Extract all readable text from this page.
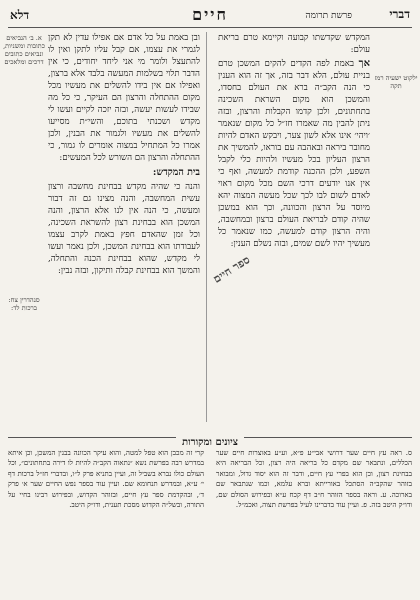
דברי
פרשת תרומה
חיים
דלא
ילקוט ישעיה רמז תקה
א. ב׳ הנביאים כתובות ומשניות, ונביאים כתובים דרכים ומלאכים
סנהדרין צח: ברכות לד:

המקדש שקדשתו קבועה וקיימא טרם בריאת עולם:

אך באמת לפה הקדים להקים המשכן טרם בניית עולם, הלא דבר בזה, אך זה הוא הענין כי הנה הקב״ה ברא את העולם בחסדו, והמשכן הוא מקום השראת השכינה בתחתונים, ולכן קדמו הקבלות והרצון, ובזה ניתן להבין מה שאמרו חז״ל כל מקום שנאמר ׳ויהי׳ אינו אלא לשון צער, ויבקש האדם להיות מחובר ביראה ובאהבה עם בוראו, להמשיך את הרצון העליון בכל מעשיו ולהיות כלי לקבל השפע, ולכן ההכנה קודמת למעשה, ואף כי אין אנו יודעים דרכי השם מכל מקום ראוי לאדם לשום לבו לכך שכל מעשה המצוה יהא מיוסד על הרצון והכוונה, וכך הוא במשכן שהיה קודם לבריאת העולם ברצון ובמחשבה, והיה הרצון קודם למעשה, כמו שנאמר כל מעשיך יהיו לשם שמים, ובזה נשלם הענין:

ובן באמת על כל אדם אם אפילו עדין לא תקן לגמרי את עצמו, אם קבל עליו לתקן ואין לו להתעצל ולומר מי אני ליחד יחודים, כי אין הדבר תלוי בשלמות המעשה בלבד אלא ברצון, ואפילו אם אין בידו להשלים את מעשיו מכל מקום ההתחלה והרצון הם העיקר, כי כל מה שבידו לעשות יעשה, ובזה יזכה לקיים ועשו לי מקדש ושכנתי בתוכם, והשי״ת מסייעו להשלים את מעשיו ולגמור את הבנין, ולכן אמרו כל המתחיל במצוה אומרים לו גמור, כי ההתחלה והרצון הם השורש לכל המעשים:

בית המקדש:

והנה כי שהיה מקדש בבחינת מחשבה ורצון עשית המחשבה, והנה מצינו גם זה דבור ומעשה, כי הנה אין לנו אלא הרצון, והנה המשכן הוא בבחינת רצון להשראת השכינה, וכל זמן שהאדם חפץ באמת לקרב עצמו לעבודתו הוא בבחינת המשכן, ולכן נאמר ועשו לי מקדש, שהוא בבחינת הכנה והתחלה, והמשך הוא בבחינת קבלה ותיקון, ובזה נבין: ספר חיים
ציונים ומקורות

ס. ראה עץ חיים שער דרושי אבי״ע פ״א, וע״ע באוצרות חיים שער הכללים, ונתבאר שם מקדם כל בריאה היה רצון, וכל הבריאה היא בבחינת רצון, וכן הוא בפרי עץ חיים, ודבר זה הוא יסוד גדול, ומבואר בזוהר שהקב״ה הסתכל באורייתא וברא עלמא, וכמו שנתבאר שם בארוכה. ע. וראה בספר הזוהר ח״ב דף קכח ע״א ובפירוש הסולם שם, ודו״ק היטב בזה. פ. ועיין עוד בדברינו לעיל בפרשת תצוה, ואכמ״ל.

קרי זה מכבן הוא טפל למטה, והוא עיקר הכוונה בבנין המשכן, וכן איתא במדרש רבה בפרשת נשא ״נתאוה הקב״ה להיות לו דירה בתחתונים״, וכל העולם כולו נברא בשביל זה, ועיין בתניא פרק ל״ו, ובדברי חז״ל ברכות דף י׳ ע״א, ובמדרש תנחומא שם. ועיין עוד בספר נפש החיים שער א׳ פרק ד׳, ובהקדמת ספר עץ חיים, ובזוהר הקדוש, ובפירוש רבינו בחיי על התורה, ובשל״ה הקדוש מסכת תענית, ודו״ק היטב.
